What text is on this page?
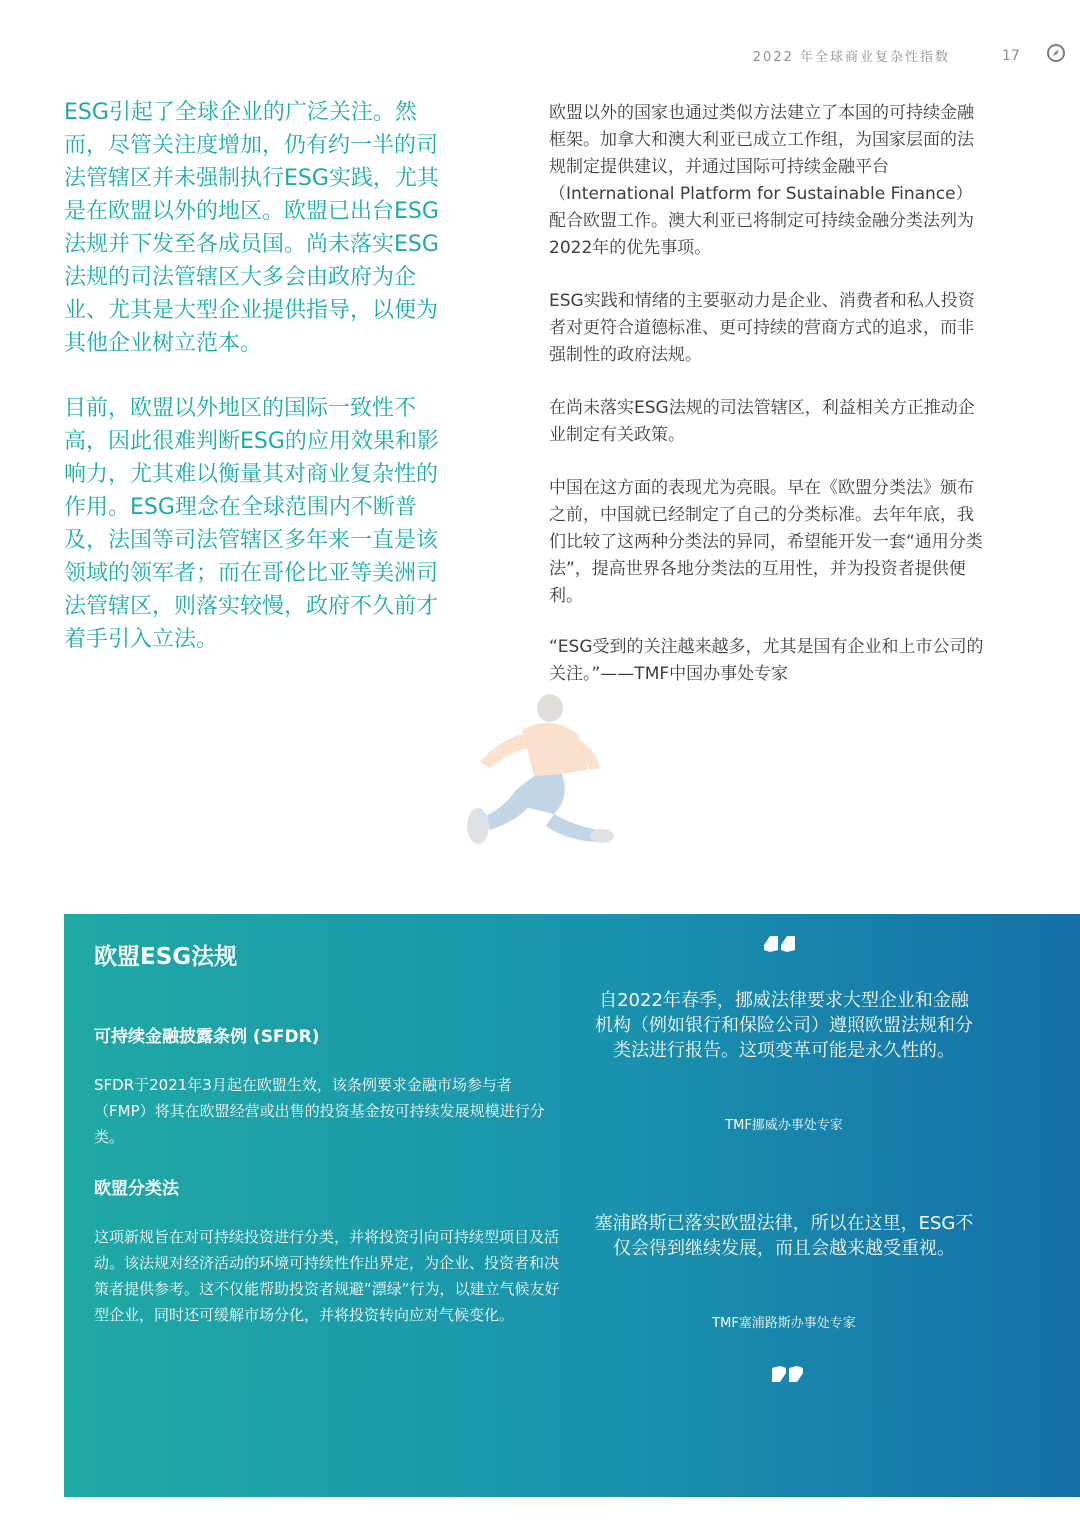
2022 年全球商业复杂性指数	17

ESG引起了全球企业的广泛关注。然而，尽管关注度增加，仍有约一半的司法管辖区并未强制执行ESG实践，尤其是在欧盟以外的地区。欧盟已出台ESG法规并下发至各成员国。尚未落实ESG法规的司法管辖区大多会由政府为企业、尤其是大型企业提供指导，以便为其他企业树立范本。

目前，欧盟以外地区的国际一致性不高，因此很难判断ESG的应用效果和影响力，尤其难以衡量其对商业复杂性的作用。ESG理念在全球范围内不断普及，法国等司法管辖区多年来一直是该领域的领军者；而在哥伦比亚等美洲司法管辖区，则落实较慢，政府不久前才着手引入立法。

欧盟以外的国家也通过类似方法建立了本国的可持续金融框架。加拿大和澳大利亚已成立工作组，为国家层面的法规制定提供建议，并通过国际可持续金融平台（International Platform for Sustainable Finance）配合欧盟工作。澳大利亚已将制定可持续金融分类法列为2022年的优先事项。

ESG实践和情绪的主要驱动力是企业、消费者和私人投资者对更符合道德标准、更可持续的营商方式的追求，而非强制性的政府法规。

在尚未落实ESG法规的司法管辖区，利益相关方正推动企业制定有关政策。

中国在这方面的表现尤为亮眼。早在《欧盟分类法》颁布之前，中国就已经制定了自己的分类标准。去年年底，我们比较了这两种分类法的异同，希望能开发一套“通用分类法”，提高世界各地分类法的互用性，并为投资者提供便利。

“ESG受到的关注越来越多，尤其是国有企业和上市公司的关注。”——TMF中国办事处专家

欧盟ESG法规
可持续金融披露条例 (SFDR)
SFDR于2021年3月起在欧盟生效，该条例要求金融市场参与者（FMP）将其在欧盟经营或出售的投资基金按可持续发展规模进行分类。
欧盟分类法
这项新规旨在对可持续投资进行分类，并将投资引向可持续型项目及活动。该法规对经济活动的环境可持续性作出界定，为企业、投资者和决策者提供参考。这不仅能帮助投资者规避“漂绿”行为，以建立气候友好型企业，同时还可缓解市场分化，并将投资转向应对气候变化。
自2022年春季，挪威法律要求大型企业和金融机构（例如银行和保险公司）遵照欧盟法规和分类法进行报告。这项变革可能是永久性的。
TMF挪威办事处专家
塞浦路斯已落实欧盟法律，所以在这里，ESG不仅会得到继续发展，而且会越来越受重视。
TMF塞浦路斯办事处专家
